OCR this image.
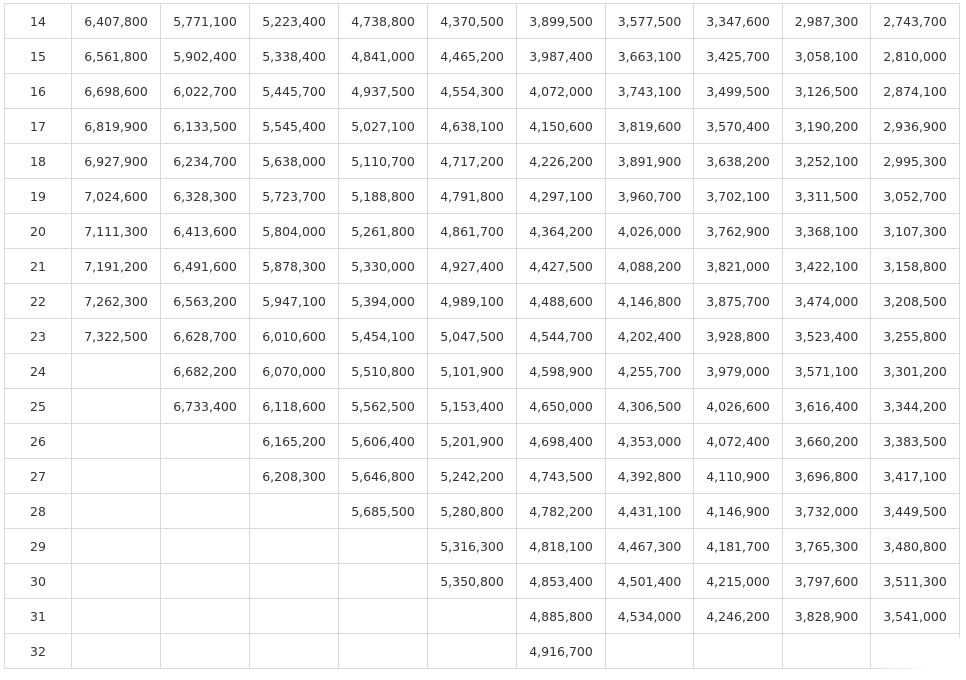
14	6,407,800	5,771,100	5,223,400	4,738,800	4,370,500	3,899,500	3,577,500	3,347,600	2,987,300	2,743,700
15	6,561,800	5,902,400	5,338,400	4,841,000	4,465,200	3,987,400	3,663,100	3,425,700	3,058,100	2,810,000
16	6,698,600	6,022,700	5,445,700	4,937,500	4,554,300	4,072,000	3,743,100	3,499,500	3,126,500	2,874,100
17	6,819,900	6,133,500	5,545,400	5,027,100	4,638,100	4,150,600	3,819,600	3,570,400	3,190,200	2,936,900
18	6,927,900	6,234,700	5,638,000	5,110,700	4,717,200	4,226,200	3,891,900	3,638,200	3,252,100	2,995,300
19	7,024,600	6,328,300	5,723,700	5,188,800	4,791,800	4,297,100	3,960,700	3,702,100	3,311,500	3,052,700
20	7,111,300	6,413,600	5,804,000	5,261,800	4,861,700	4,364,200	4,026,000	3,762,900	3,368,100	3,107,300
21	7,191,200	6,491,600	5,878,300	5,330,000	4,927,400	4,427,500	4,088,200	3,821,000	3,422,100	3,158,800
22	7,262,300	6,563,200	5,947,100	5,394,000	4,989,100	4,488,600	4,146,800	3,875,700	3,474,000	3,208,500
23	7,322,500	6,628,700	6,010,600	5,454,100	5,047,500	4,544,700	4,202,400	3,928,800	3,523,400	3,255,800
24		6,682,200	6,070,000	5,510,800	5,101,900	4,598,900	4,255,700	3,979,000	3,571,100	3,301,200
25		6,733,400	6,118,600	5,562,500	5,153,400	4,650,000	4,306,500	4,026,600	3,616,400	3,344,200
26			6,165,200	5,606,400	5,201,900	4,698,400	4,353,000	4,072,400	3,660,200	3,383,500
27			6,208,300	5,646,800	5,242,200	4,743,500	4,392,800	4,110,900	3,696,800	3,417,100
28				5,685,500	5,280,800	4,782,200	4,431,100	4,146,900	3,732,000	3,449,500
29					5,316,300	4,818,100	4,467,300	4,181,700	3,765,300	3,480,800
30					5,350,800	4,853,400	4,501,400	4,215,000	3,797,600	3,511,300
31						4,885,800	4,534,000	4,246,200	3,828,900	3,541,000
32						4,916,700				
